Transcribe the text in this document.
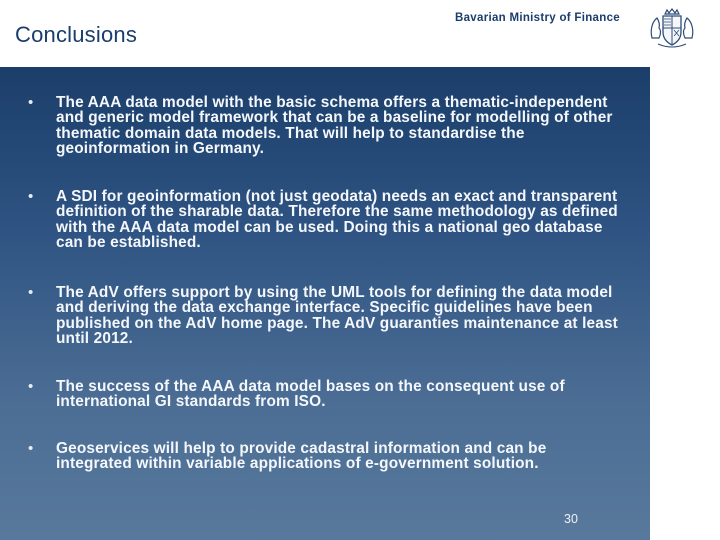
Conclusions
Bavarian Ministry of Finance
• The AAA data model with the basic schema offers a thematic-independent and generic model framework that can be a baseline for modelling of other thematic domain data models. That will help to standardise the geoinformation in Germany.

• A SDI for geoinformation (not just geodata) needs an exact and transparent definition of the sharable data. Therefore the same methodology as defined with the AAA data model can be used. Doing this a national geo database can be established.

• The AdV offers support by using the UML tools for defining the data model and deriving the data exchange interface. Specific guidelines have been published on the AdV home page. The AdV guaranties maintenance at least until 2012.

• The success of the AAA data model bases on the consequent use of international GI standards from ISO.

• Geoservices will help to provide cadastral information and can be integrated within variable applications of e-government solution.

30
